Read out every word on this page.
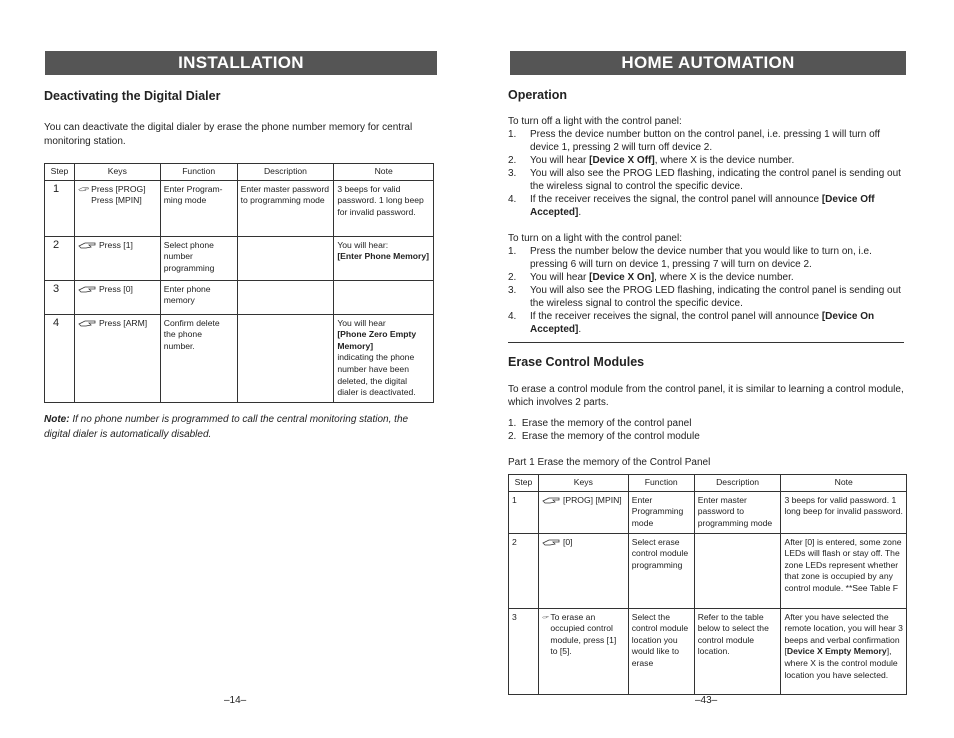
INSTALLATION
Deactivating the Digital Dialer
You can deactivate the digital dialer by erase the phone number memory for central monitoring station.
Step	Keys	Function	Description	Note
1	Press [PROG] Press [MPIN]	Enter Program-ming mode	Enter master password to programming mode	3 beeps for valid password. 1 long beep for invalid password.
2	Press [1]	Select phone number programming		You will hear:
[Enter Phone Memory]
3	Press [0]	Enter phone memory		
4	Press [ARM]	Confirm delete the phone number.		You will hear
[Phone Zero Empty Memory]
indicating the phone number have been deleted, the digital dialer is deactivated.
Note: If no phone number is programmed to call the central monitoring station, the digital dialer is automatically disabled.
–14–
HOME AUTOMATION
Operation
To turn off a light with the control panel:
1.	Press the device number button on the control panel, i.e. pressing 1 will turn off device 1, pressing 2 will turn off device 2.
2.	You will hear [Device X Off], where X is the device number.
3.	You will also see the PROG LED flashing, indicating the control panel is sending out the wireless signal to control the specific device.
4.	If the receiver receives the signal, the control panel will announce [Device Off Accepted].
To turn on a light with the control panel:
1.	Press the number below the device number that you would like to turn on, i.e. pressing 6 will turn on device 1, pressing 7 will turn on device 2.
2.	You will hear [Device X On], where X is the device number.
3.	You will also see the PROG LED flashing, indicating the control panel is sending out the wireless signal to control the specific device.
4.	If the receiver receives the signal, the control panel will announce [Device On Accepted].
Erase Control Modules
To erase a control module from the control panel, it is similar to learning a control module, which involves 2 parts.
1.  Erase the memory of the control panel
2.  Erase the memory of the control module
Part 1 Erase the memory of the Control Panel
Step	Keys	Function	Description	Note
1	[PROG] [MPIN]	Enter Programming mode	Enter master password to programming mode	3 beeps for valid password. 1 long beep for invalid password.
2	[0]	Select erase control module programming		After [0] is entered, some zone LEDs will flash or stay off. The zone LEDs represent whether that zone is occupied by any control module. **See Table F
3	To erase an occupied control module, press [1] to [5].	Select the control module location you would like to erase	Refer to the table below to select the control module location.	After you have selected the remote location, you will hear 3 beeps and verbal confirmation [Device X Empty Memory], where X is the control module location you have selected.
–43–
